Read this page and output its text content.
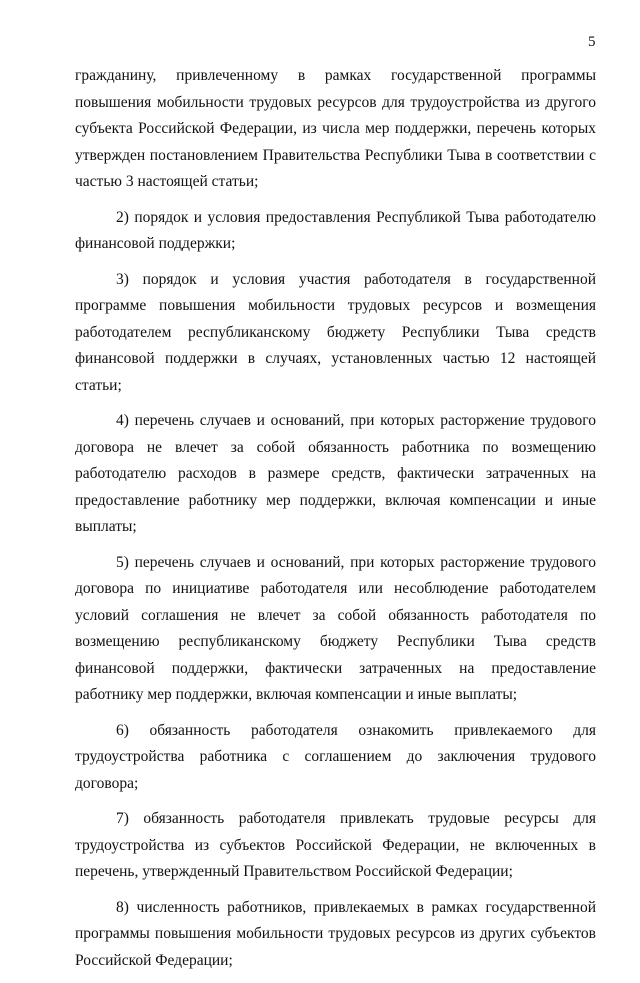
5

гражданину, привлеченному в рамках государственной программы повышения мобильности трудовых ресурсов для трудоустройства из другого субъекта Российской Федерации, из числа мер поддержки, перечень которых утвержден постановлением Правительства Республики Тыва в соответствии с частью 3 настоящей статьи;

2) порядок и условия предоставления Республикой Тыва работодателю финансовой поддержки;

3) порядок и условия участия работодателя в государственной программе повышения мобильности трудовых ресурсов и возмещения работодателем республиканскому бюджету Республики Тыва средств финансовой поддержки в случаях, установленных частью 12 настоящей статьи;

4) перечень случаев и оснований, при которых расторжение трудового договора не влечет за собой обязанность работника по возмещению работодателю расходов в размере средств, фактически затраченных на предоставление работнику мер поддержки, включая компенсации и иные выплаты;

5) перечень случаев и оснований, при которых расторжение трудового договора по инициативе работодателя или несоблюдение работодателем условий соглашения не влечет за собой обязанность работодателя по возмещению республиканскому бюджету Республики Тыва средств финансовой поддержки, фактически затраченных на предоставление работнику мер поддержки, включая компенсации и иные выплаты;

6) обязанность работодателя ознакомить привлекаемого для трудоустройства работника с соглашением до заключения трудового договора;

7) обязанность работодателя привлекать трудовые ресурсы для трудоустройства из субъектов Российской Федерации, не включенных в перечень, утвержденный Правительством Российской Федерации;

8) численность работников, привлекаемых в рамках государственной программы повышения мобильности трудовых ресурсов из других субъектов Российской Федерации;
